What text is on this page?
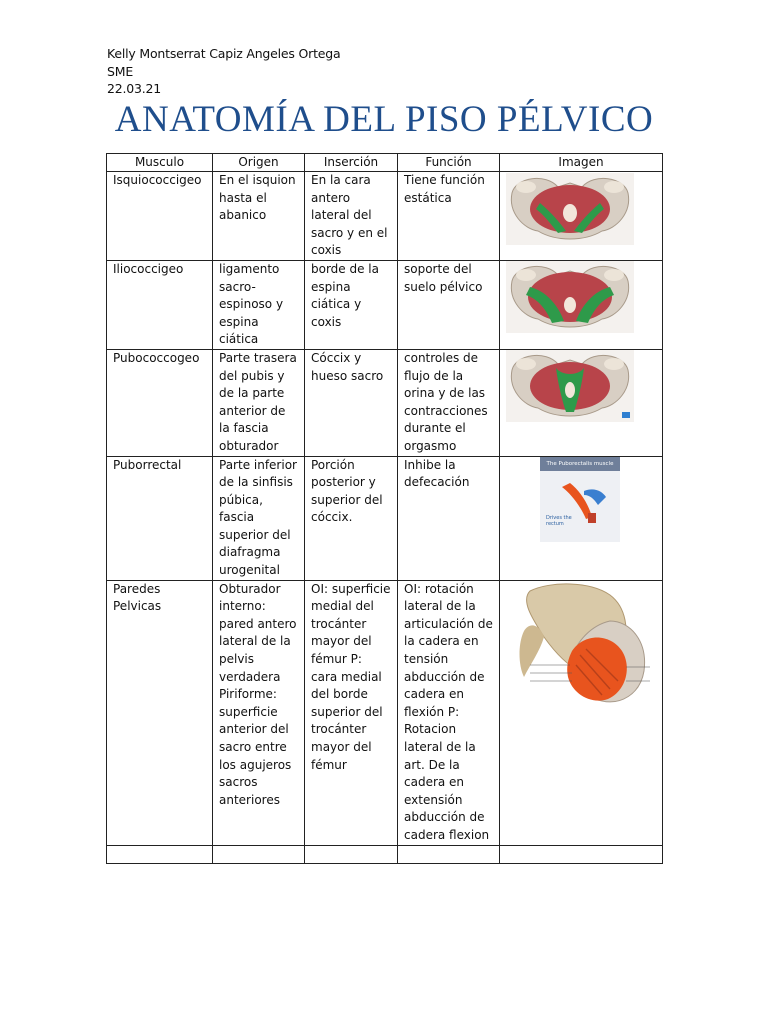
Kelly Montserrat Capiz Angeles Ortega
SME
22.03.21
ANATOMÍA DEL PISO PÉLVICO
Musculo	Origen	Inserción	Función	Imagen
Isquiococcigeo	En el isquion hasta el abanico	En la cara antero lateral del sacro y en el coxis	Tiene función estática	

Iliococcigeo	ligamento sacro-espinoso y espina ciática	borde de la espina ciática y coxis	soporte del suelo pélvico	

Pubococcogeo	Parte trasera del pubis y de la parte anterior de la fascia obturador	Cóccix y hueso sacro	controles de flujo de la orina y de las contracciones durante el orgasmo	

Puborrectal	Parte inferior de la sinfisis púbica, fascia superior del diafragma urogenital	Porción posterior y superior del cóccix.	Inhibe la defecación	The Puborectalis muscle
Drives the rectum

Paredes Pelvicas	Obturador interno: pared antero lateral de la pelvis verdadera Piriforme: superficie anterior del sacro entre los agujeros sacros anteriores	OI: superficie medial del trocánter mayor del fémur P: cara medial del borde superior del trocánter mayor del fémur	OI: rotación lateral de la articulación de la cadera en tensión abducción de cadera en flexión P: Rotacion lateral de la art. De la cadera en extensión abducción de cadera flexion	
